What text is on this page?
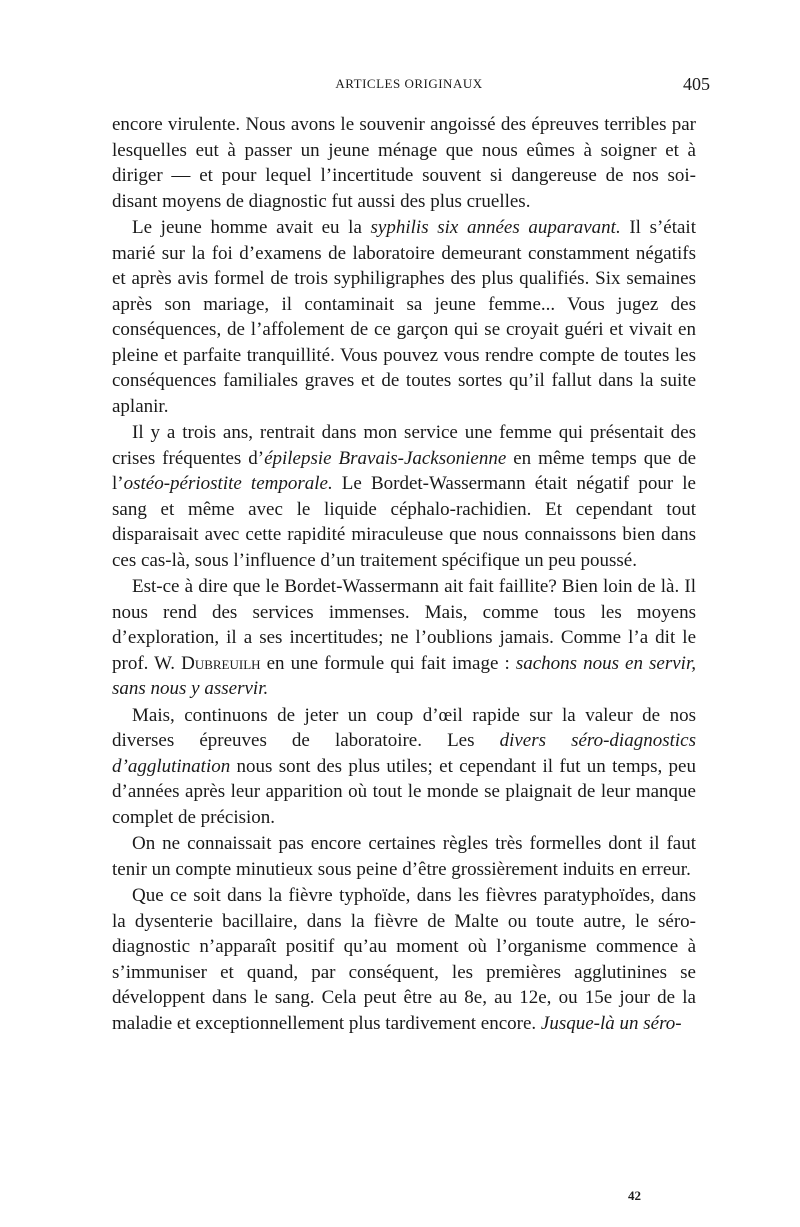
ARTICLES ORIGINAUX	405

encore virulente. Nous avons le souvenir angoissé des épreuves terribles par lesquelles eut à passer un jeune ménage que nous eûmes à soigner et à diriger — et pour lequel l’incertitude souvent si dangereuse de nos soi-disant moyens de diagnostic fut aussi des plus cruelles.

Le jeune homme avait eu la syphilis six années auparavant. Il s’était marié sur la foi d’examens de laboratoire demeurant constamment négatifs et après avis formel de trois syphiligraphes des plus qualifiés. Six semaines après son mariage, il contaminait sa jeune femme... Vous jugez des conséquences, de l’affolement de ce garçon qui se croyait guéri et vivait en pleine et parfaite tranquillité. Vous pouvez vous rendre compte de toutes les conséquences familiales graves et de toutes sortes qu’il fallut dans la suite aplanir.

Il y a trois ans, rentrait dans mon service une femme qui présentait des crises fréquentes d’épilepsie Bravais-Jacksonienne en même temps que de l’ostéo-périostite temporale. Le Bordet-Wassermann était négatif pour le sang et même avec le liquide céphalo-rachidien. Et cependant tout disparaisait avec cette rapidité miraculeuse que nous connaissons bien dans ces cas-là, sous l’influence d’un traitement spécifique un peu poussé.

Est-ce à dire que le Bordet-Wassermann ait fait faillite? Bien loin de là. Il nous rend des services immenses. Mais, comme tous les moyens d’exploration, il a ses incertitudes; ne l’oublions jamais. Comme l’a dit le prof. W. Dubreuilh en une formule qui fait image : sachons nous en servir, sans nous y asservir.

Mais, continuons de jeter un coup d’œil rapide sur la valeur de nos diverses épreuves de laboratoire. Les divers séro-diagnostics d’agglutination nous sont des plus utiles; et cependant il fut un temps, peu d’années après leur apparition où tout le monde se plaignait de leur manque complet de précision.

On ne connaissait pas encore certaines règles très formelles dont il faut tenir un compte minutieux sous peine d’être grossièrement induits en erreur.

Que ce soit dans la fièvre typhoïde, dans les fièvres paratyphoïdes, dans la dysenterie bacillaire, dans la fièvre de Malte ou toute autre, le séro-diagnostic n’apparaît positif qu’au moment où l’organisme commence à s’immuniser et quand, par conséquent, les premières agglutinines se développent dans le sang. Cela peut être au 8e, au 12e, ou 15e jour de la maladie et exceptionnellement plus tardivement encore. Jusque-là un séro-

42
